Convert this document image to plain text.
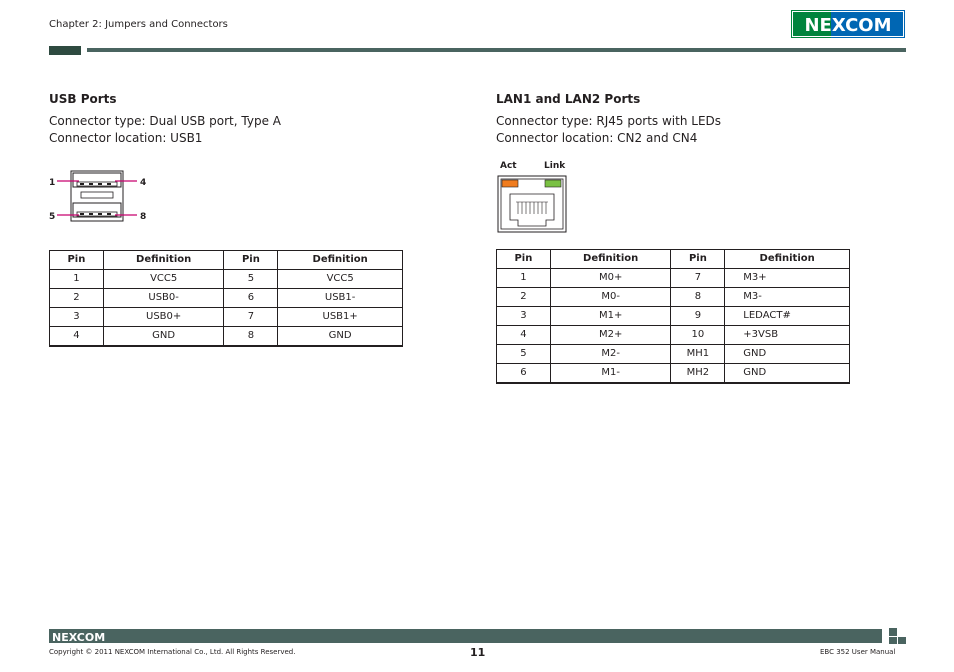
Chapter 2: Jumpers and Connectors	NEXCOM
USB Ports
Connector type: Dual USB port, Type A
Connector location: USB1
1	4
5	8
Pin	Definition	Pin	Definition
1	VCC5	5	VCC5
2	USB0-	6	USB1-
3	USB0+	7	USB1+
4	GND	8	GND
LAN1 and LAN2 Ports
Connector type: RJ45 ports with LEDs
Connector location: CN2 and CN4
Act	Link
Pin	Definition	Pin	Definition
1	M0+	7	M3+
2	M0-	8	M3-
3	M1+	9	LEDACT#
4	M2+	10	+3VSB
5	M2-	MH1	GND
6	M1-	MH2	GND
NEXCOM
Copyright © 2011 NEXCOM International Co., Ltd. All Rights Reserved.	11	EBC 352 User Manual
